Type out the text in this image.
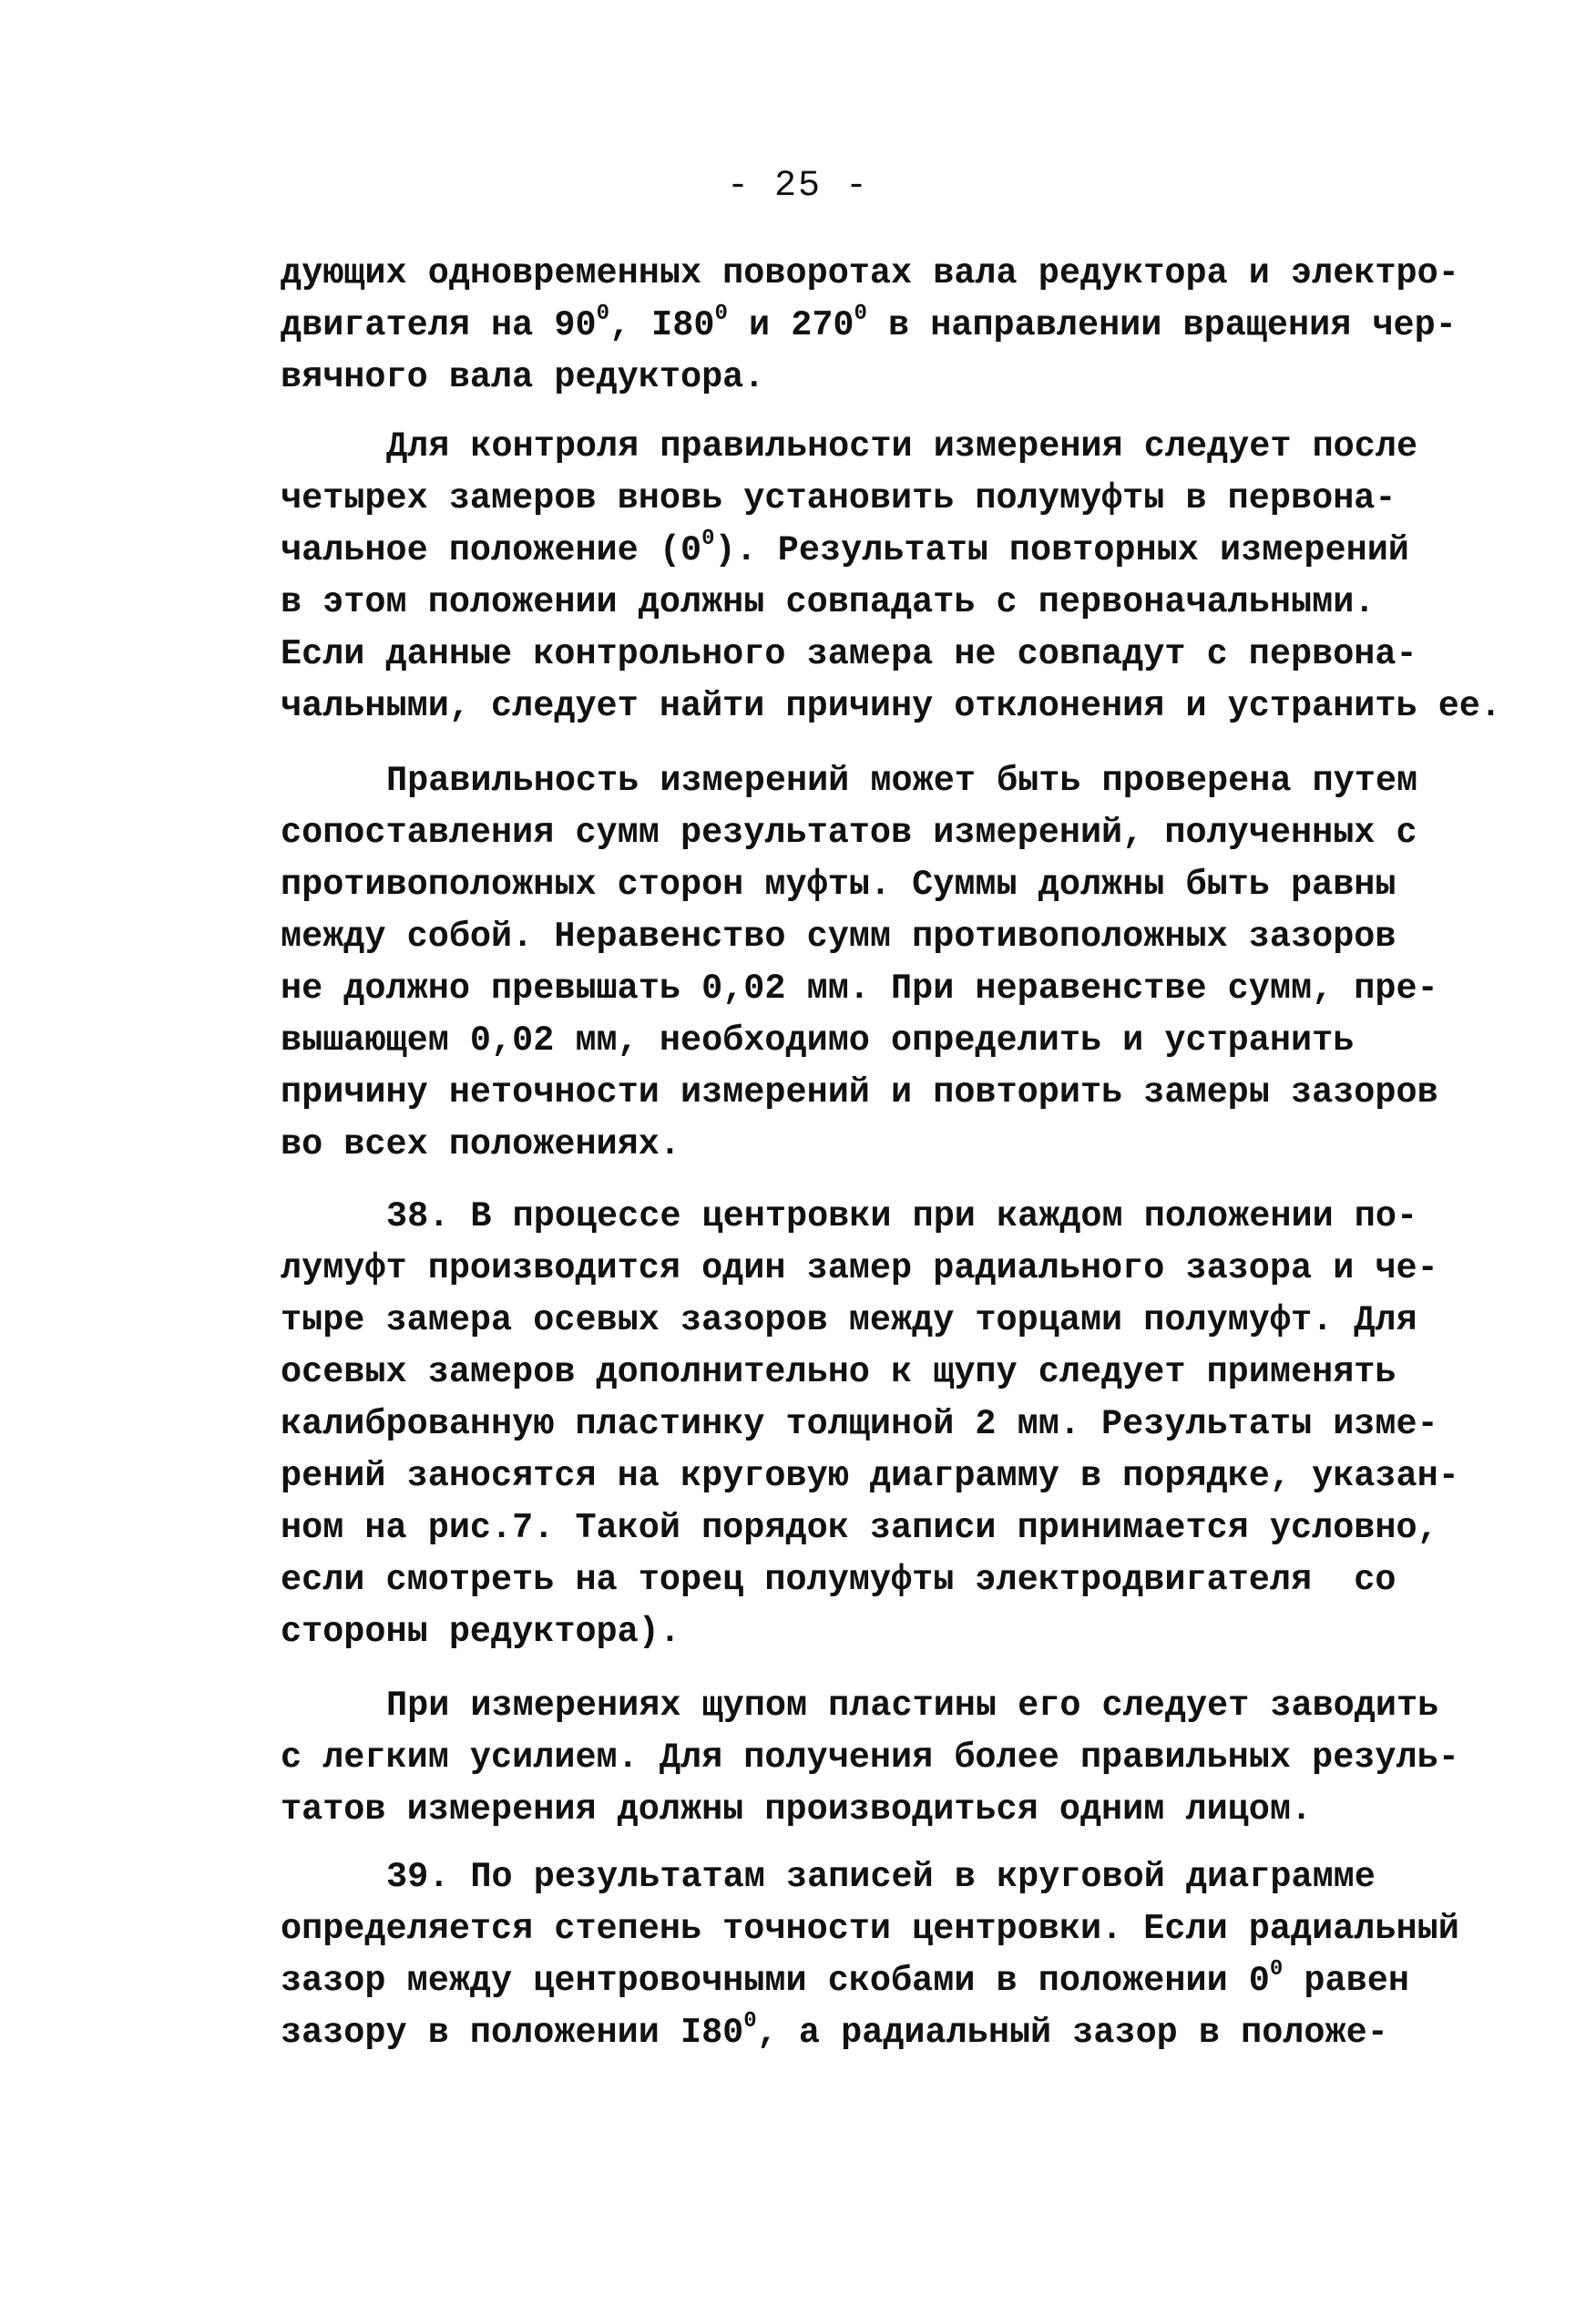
- 25 -
дующих одновременных поворотах вала редуктора и электро-
двигателя на $90^0$, $I80^0$ и $270^0$ в направлении вращения чер-
вячного вала редуктора.
Для контроля правильности измерения следует после
четырех замеров вновь установить полумуфты в первона-
чальное положение $(0^0)$. Результаты повторных измерений
в этом положении должны совпадать с первоначальными.
Если данные контрольного замера не совпадут с первона-
чальными, следует найти причину отклонения и устранить ее.
Правильность измерений может быть проверена путем
сопоставления сумм результатов измерений, полученных с
противоположных сторон муфты. Суммы должны быть равны
между собой. Неравенство сумм противоположных зазоров
не должно превышать 0,02 мм. При неравенстве сумм, пре-
вышающем 0,02 мм, необходимо определить и устранить
причину неточности измерений и повторить замеры зазоров
во всех положениях.
38. В процессе центровки при каждом положении по-
лумуфт производится один замер радиального зазора и че-
тыре замера осевых зазоров между торцами полумуфт. Для
осевых замеров дополнительно к щупу следует применять
калиброванную пластинку толщиной 2 мм. Результаты изме-
рений заносятся на круговую диаграмму в порядке, указан-
ном на рис.7. Такой порядок записи принимается условно,
если смотреть на торец полумуфты электродвигателя  со
стороны редуктора).
При измерениях щупом пластины его следует заводить
с легким усилием. Для получения более правильных резуль-
татов измерения должны производиться одним лицом.
39. По результатам записей в круговой диаграмме
определяется степень точности центровки. Если радиальный
зазор между центровочными скобами в положении $0^0$ равен
зазору в положении $I80^0$, а радиальный зазор в положе-
